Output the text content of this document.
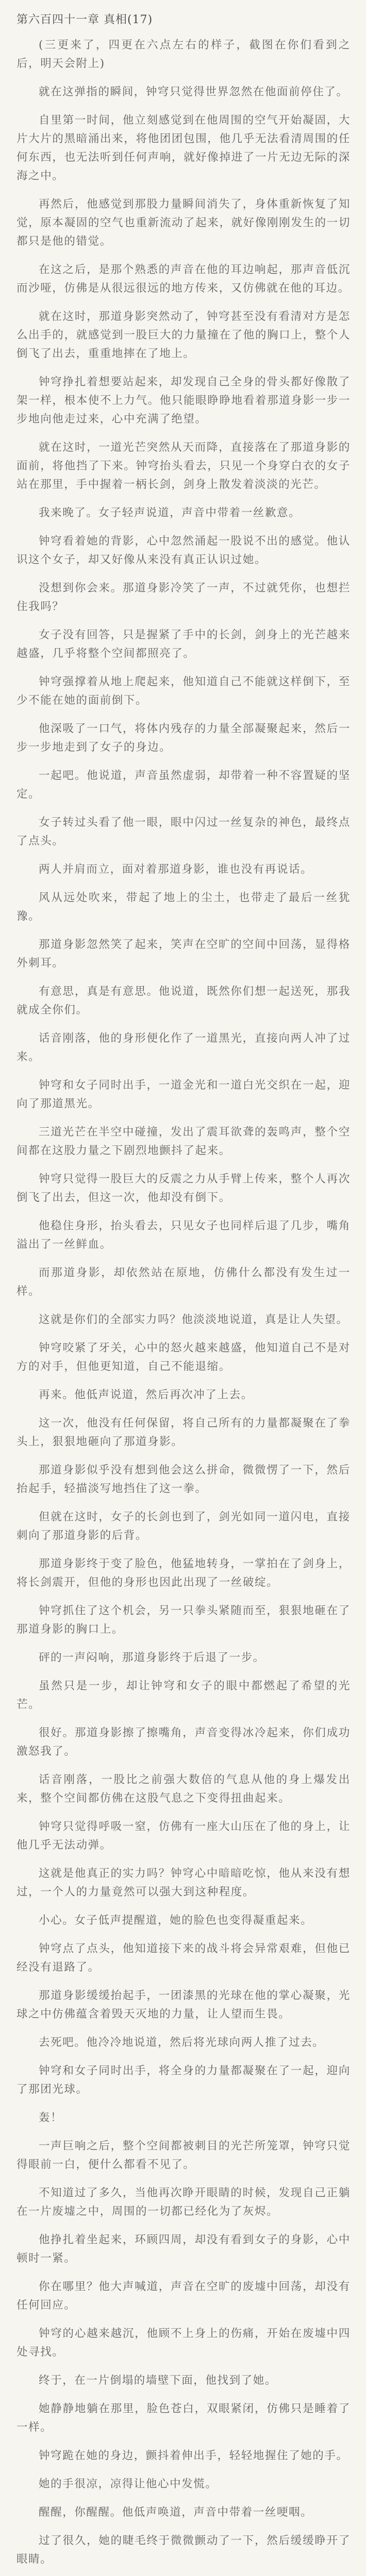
第六百四十一章 真相(17)

(三更来了，四更在六点左右的样子，截图在你们看到之后，明天会附上)

就在这弹指的瞬间，钟穹只觉得世界忽然在他面前停住了。

自里第一时间，他立刻感觉到在他周围的空气开始凝固，大片大片的黑暗涌出来，将他团团包围，他几乎无法看清周围的任何东西，也无法听到任何声响，就好像掉进了一片无边无际的深海之中。

再然后，他感觉到那股力量瞬间消失了，身体重新恢复了知觉，原本凝固的空气也重新流动了起来，就好像刚刚发生的一切都只是他的错觉。

在这之后，是那个熟悉的声音在他的耳边响起，那声音低沉而沙哑，仿佛是从很远很远的地方传来，又仿佛就在他的耳边。

就在这时，那道身影突然动了，钟穹甚至没有看清对方是怎么出手的，就感觉到一股巨大的力量撞在了他的胸口上，整个人倒飞了出去，重重地摔在了地上。

钟穹挣扎着想要站起来，却发现自己全身的骨头都好像散了架一样，根本使不上力气。他只能眼睁睁地看着那道身影一步一步地向他走过来，心中充满了绝望。

就在这时，一道光芒突然从天而降，直接落在了那道身影的面前，将他挡了下来。钟穹抬头看去，只见一个身穿白衣的女子站在那里，手中握着一柄长剑，剑身上散发着淡淡的光芒。

我来晚了。女子轻声说道，声音中带着一丝歉意。

钟穹看着她的背影，心中忽然涌起一股说不出的感觉。他认识这个女子，却又好像从来没有真正认识过她。

没想到你会来。那道身影冷笑了一声，不过就凭你，也想拦住我吗？

女子没有回答，只是握紧了手中的长剑，剑身上的光芒越来越盛，几乎将整个空间都照亮了。

钟穹强撑着从地上爬起来，他知道自己不能就这样倒下，至少不能在她的面前倒下。

他深吸了一口气，将体内残存的力量全部凝聚起来，然后一步一步地走到了女子的身边。

一起吧。他说道，声音虽然虚弱，却带着一种不容置疑的坚定。

女子转过头看了他一眼，眼中闪过一丝复杂的神色，最终点了点头。

两人并肩而立，面对着那道身影，谁也没有再说话。

风从远处吹来，带起了地上的尘土，也带走了最后一丝犹豫。

那道身影忽然笑了起来，笑声在空旷的空间中回荡，显得格外刺耳。

有意思，真是有意思。他说道，既然你们想一起送死，那我就成全你们。

话音刚落，他的身形便化作了一道黑光，直接向两人冲了过来。

钟穹和女子同时出手，一道金光和一道白光交织在一起，迎向了那道黑光。

三道光芒在半空中碰撞，发出了震耳欲聋的轰鸣声，整个空间都在这股力量之下剧烈地颤抖了起来。

钟穹只觉得一股巨大的反震之力从手臂上传来，整个人再次倒飞了出去，但这一次，他却没有倒下。

他稳住身形，抬头看去，只见女子也同样后退了几步，嘴角溢出了一丝鲜血。

而那道身影，却依然站在原地，仿佛什么都没有发生过一样。

这就是你们的全部实力吗？他淡淡地说道，真是让人失望。

钟穹咬紧了牙关，心中的怒火越来越盛，他知道自己不是对方的对手，但他更知道，自己不能退缩。

再来。他低声说道，然后再次冲了上去。

这一次，他没有任何保留，将自己所有的力量都凝聚在了拳头上，狠狠地砸向了那道身影。

那道身影似乎没有想到他会这么拼命，微微愣了一下，然后抬起手，轻描淡写地挡住了这一拳。

但就在这时，女子的长剑也到了，剑光如同一道闪电，直接刺向了那道身影的后背。

那道身影终于变了脸色，他猛地转身，一掌拍在了剑身上，将长剑震开，但他的身形也因此出现了一丝破绽。

钟穹抓住了这个机会，另一只拳头紧随而至，狠狠地砸在了那道身影的胸口上。

砰的一声闷响，那道身影终于后退了一步。

虽然只是一步，却让钟穹和女子的眼中都燃起了希望的光芒。

很好。那道身影擦了擦嘴角，声音变得冰冷起来，你们成功激怒我了。

话音刚落，一股比之前强大数倍的气息从他的身上爆发出来，整个空间都仿佛在这股气息之下变得扭曲起来。

钟穹只觉得呼吸一窒，仿佛有一座大山压在了他的身上，让他几乎无法动弹。

这就是他真正的实力吗？钟穹心中暗暗吃惊，他从来没有想过，一个人的力量竟然可以强大到这种程度。

小心。女子低声提醒道，她的脸色也变得凝重起来。

钟穹点了点头，他知道接下来的战斗将会异常艰难，但他已经没有退路了。

那道身影缓缓抬起手，一团漆黑的光球在他的掌心凝聚，光球之中仿佛蕴含着毁天灭地的力量，让人望而生畏。

去死吧。他冷冷地说道，然后将光球向两人推了过去。

钟穹和女子同时出手，将全身的力量都凝聚在了一起，迎向了那团光球。

轰！

一声巨响之后，整个空间都被刺目的光芒所笼罩，钟穹只觉得眼前一白，便什么都看不见了。

不知道过了多久，当他再次睁开眼睛的时候，发现自己正躺在一片废墟之中，周围的一切都已经化为了灰烬。

他挣扎着坐起来，环顾四周，却没有看到女子的身影，心中顿时一紧。

你在哪里？他大声喊道，声音在空旷的废墟中回荡，却没有任何回应。

钟穹的心越来越沉，他顾不上身上的伤痛，开始在废墟中四处寻找。

终于，在一片倒塌的墙壁下面，他找到了她。

她静静地躺在那里，脸色苍白，双眼紧闭，仿佛只是睡着了一样。

钟穹跪在她的身边，颤抖着伸出手，轻轻地握住了她的手。

她的手很凉，凉得让他心中发慌。

醒醒，你醒醒。他低声唤道，声音中带着一丝哽咽。

过了很久，她的睫毛终于微微颤动了一下，然后缓缓睁开了眼睛。
